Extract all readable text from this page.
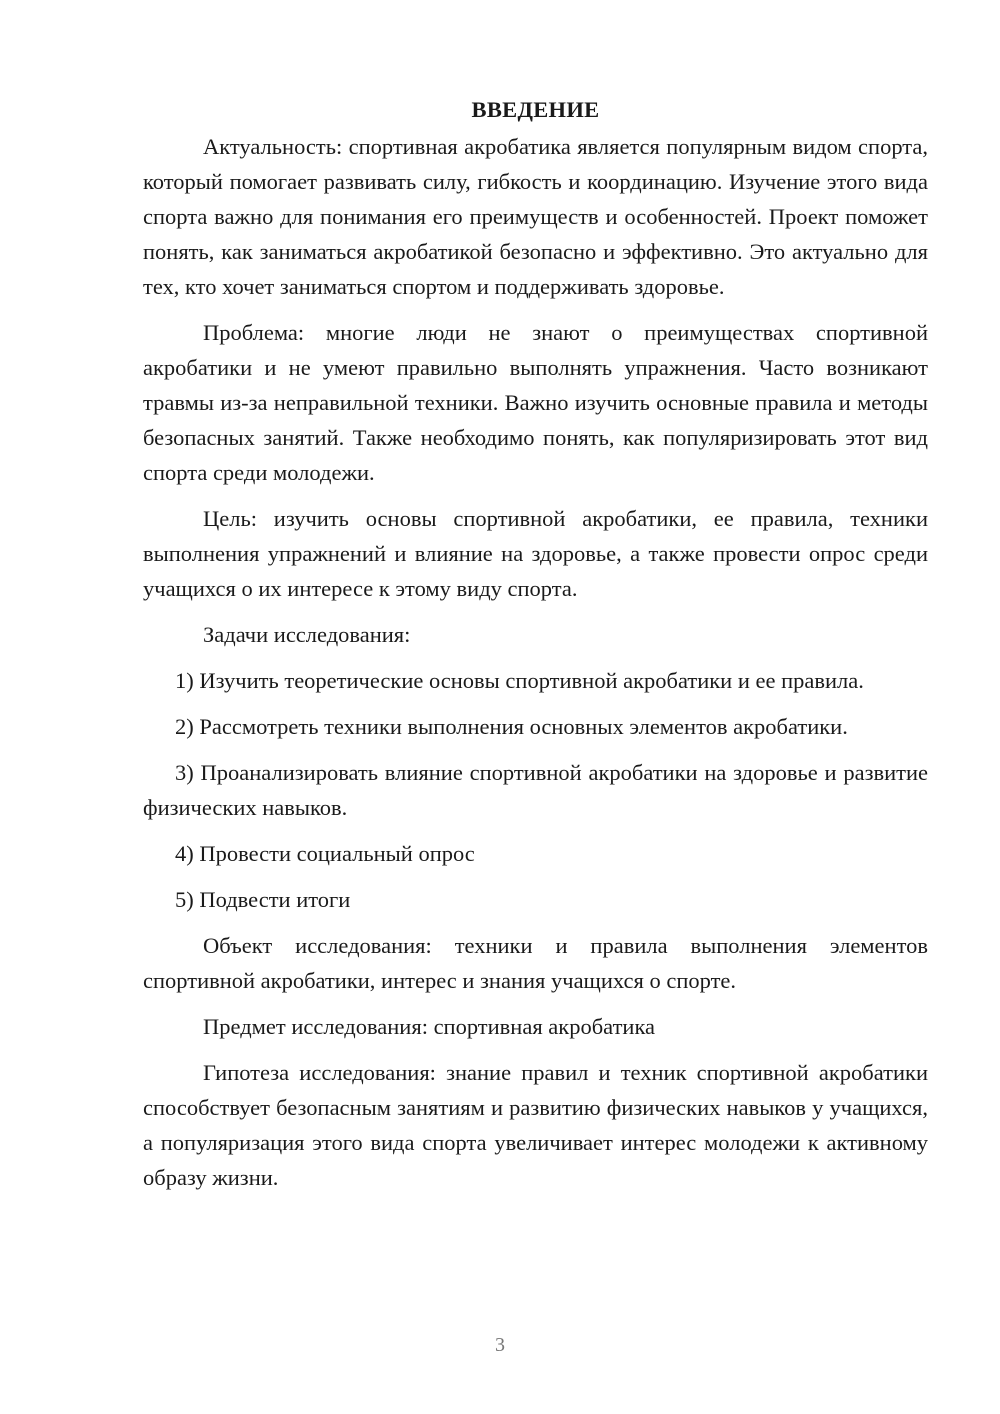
ВВЕДЕНИЕ

Актуальность: спортивная акробатика является популярным видом спорта, который помогает развивать силу, гибкость и координацию. Изучение этого вида спорта важно для понимания его преимуществ и особенностей. Проект поможет понять, как заниматься акробатикой безопасно и эффективно. Это актуально для тех, кто хочет заниматься спортом и поддерживать здоровье.

Проблема: многие люди не знают о преимуществах спортивной акробатики и не умеют правильно выполнять упражнения. Часто возникают травмы из-за неправильной техники. Важно изучить основные правила и методы безопасных занятий. Также необходимо понять, как популяризировать этот вид спорта среди молодежи.

Цель: изучить основы спортивной акробатики, ее правила, техники выполнения упражнений и влияние на здоровье, а также провести опрос среди учащихся о их интересе к этому виду спорта.

Задачи исследования:

1) Изучить теоретические основы спортивной акробатики и ее правила.

2) Рассмотреть техники выполнения основных элементов акробатики.

3) Проанализировать влияние спортивной акробатики на здоровье и развитие физических навыков.

4) Провести социальный опрос

5) Подвести итоги

Объект исследования: техники и правила выполнения элементов спортивной акробатики, интерес и знания учащихся о спорте.

Предмет исследования: спортивная акробатика

Гипотеза исследования: знание правил и техник спортивной акробатики способствует безопасным занятиям и развитию физических навыков у учащихся, а популяризация этого вида спорта увеличивает интерес молодежи к активному образу жизни.

3
